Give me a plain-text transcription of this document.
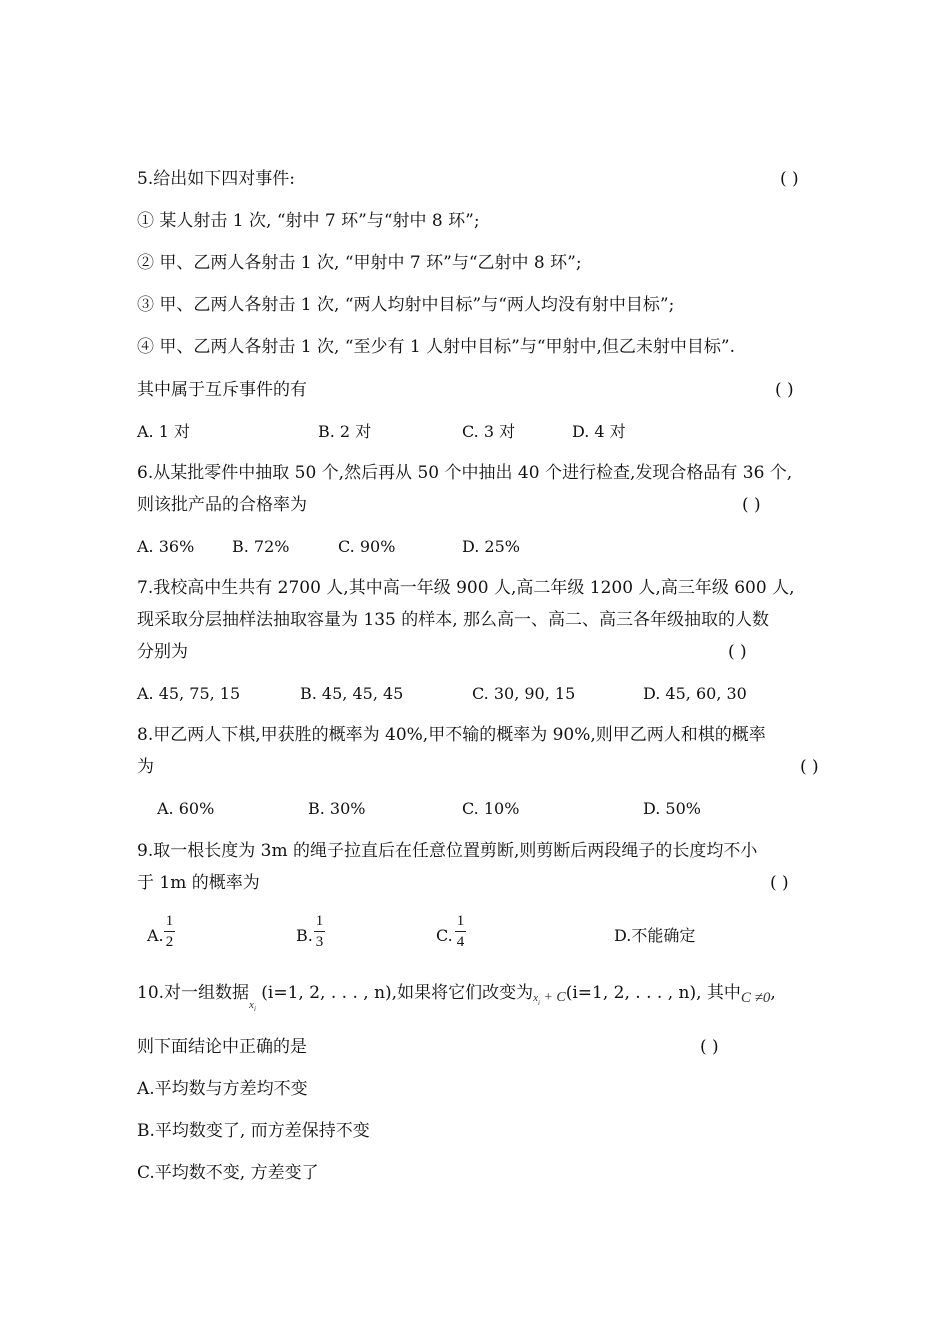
5.给出如下四对事件:	( )
① 某人射击 1 次, “射中 7 环”与“射中 8 环”;
② 甲、乙两人各射击 1 次, “甲射中 7 环”与“乙射中 8 环”;
③ 甲、乙两人各射击 1 次, “两人均射中目标”与“两人均没有射中目标”;
④ 甲、乙两人各射击 1 次, “至少有 1 人射中目标”与“甲射中,但乙未射中目标”.
其中属于互斥事件的有	( )
A. 1 对	B. 2 对	C. 3 对	D. 4 对
6.从某批零件中抽取 50 个,然后再从 50 个中抽出 40 个进行检查,发现合格品有 36 个,
则该批产品的合格率为	( )
A. 36% B. 72%	C. 90%	D. 25%
7.我校高中生共有 2700 人,其中高一年级 900 人,高二年级 1200 人,高三年级 600 人,
现采取分层抽样法抽取容量为 135 的样本, 那么高一、高二、高三各年级抽取的人数
分别为	( )
A. 45, 75, 15	B. 45, 45, 45	C. 30, 90, 15	D. 45, 60, 30
8.甲乙两人下棋,甲获胜的概率为 40%,甲不输的概率为 90%,则甲乙两人和棋的概率
为	( )
A. 60%	B. 30%	C. 10%	D. 50%
9.取一根长度为 3m 的绳子拉直后在任意位置剪断,则剪断后两段绳子的长度均不小
于 1m 的概率为	( )
A.
1
2	B.
1
3	C.
1
4	D.不能确定
10.对一组数据$_{x_i}$ (i=1, 2, . . . , n),如果将它们改变为$x_i + C(i=1$, 2, . . . , n), 其中C ≠0,
则下面结论中正确的是	( )
A.平均数与方差均不变
B.平均数变了, 而方差保持不变
C.平均数不变, 方差变了
